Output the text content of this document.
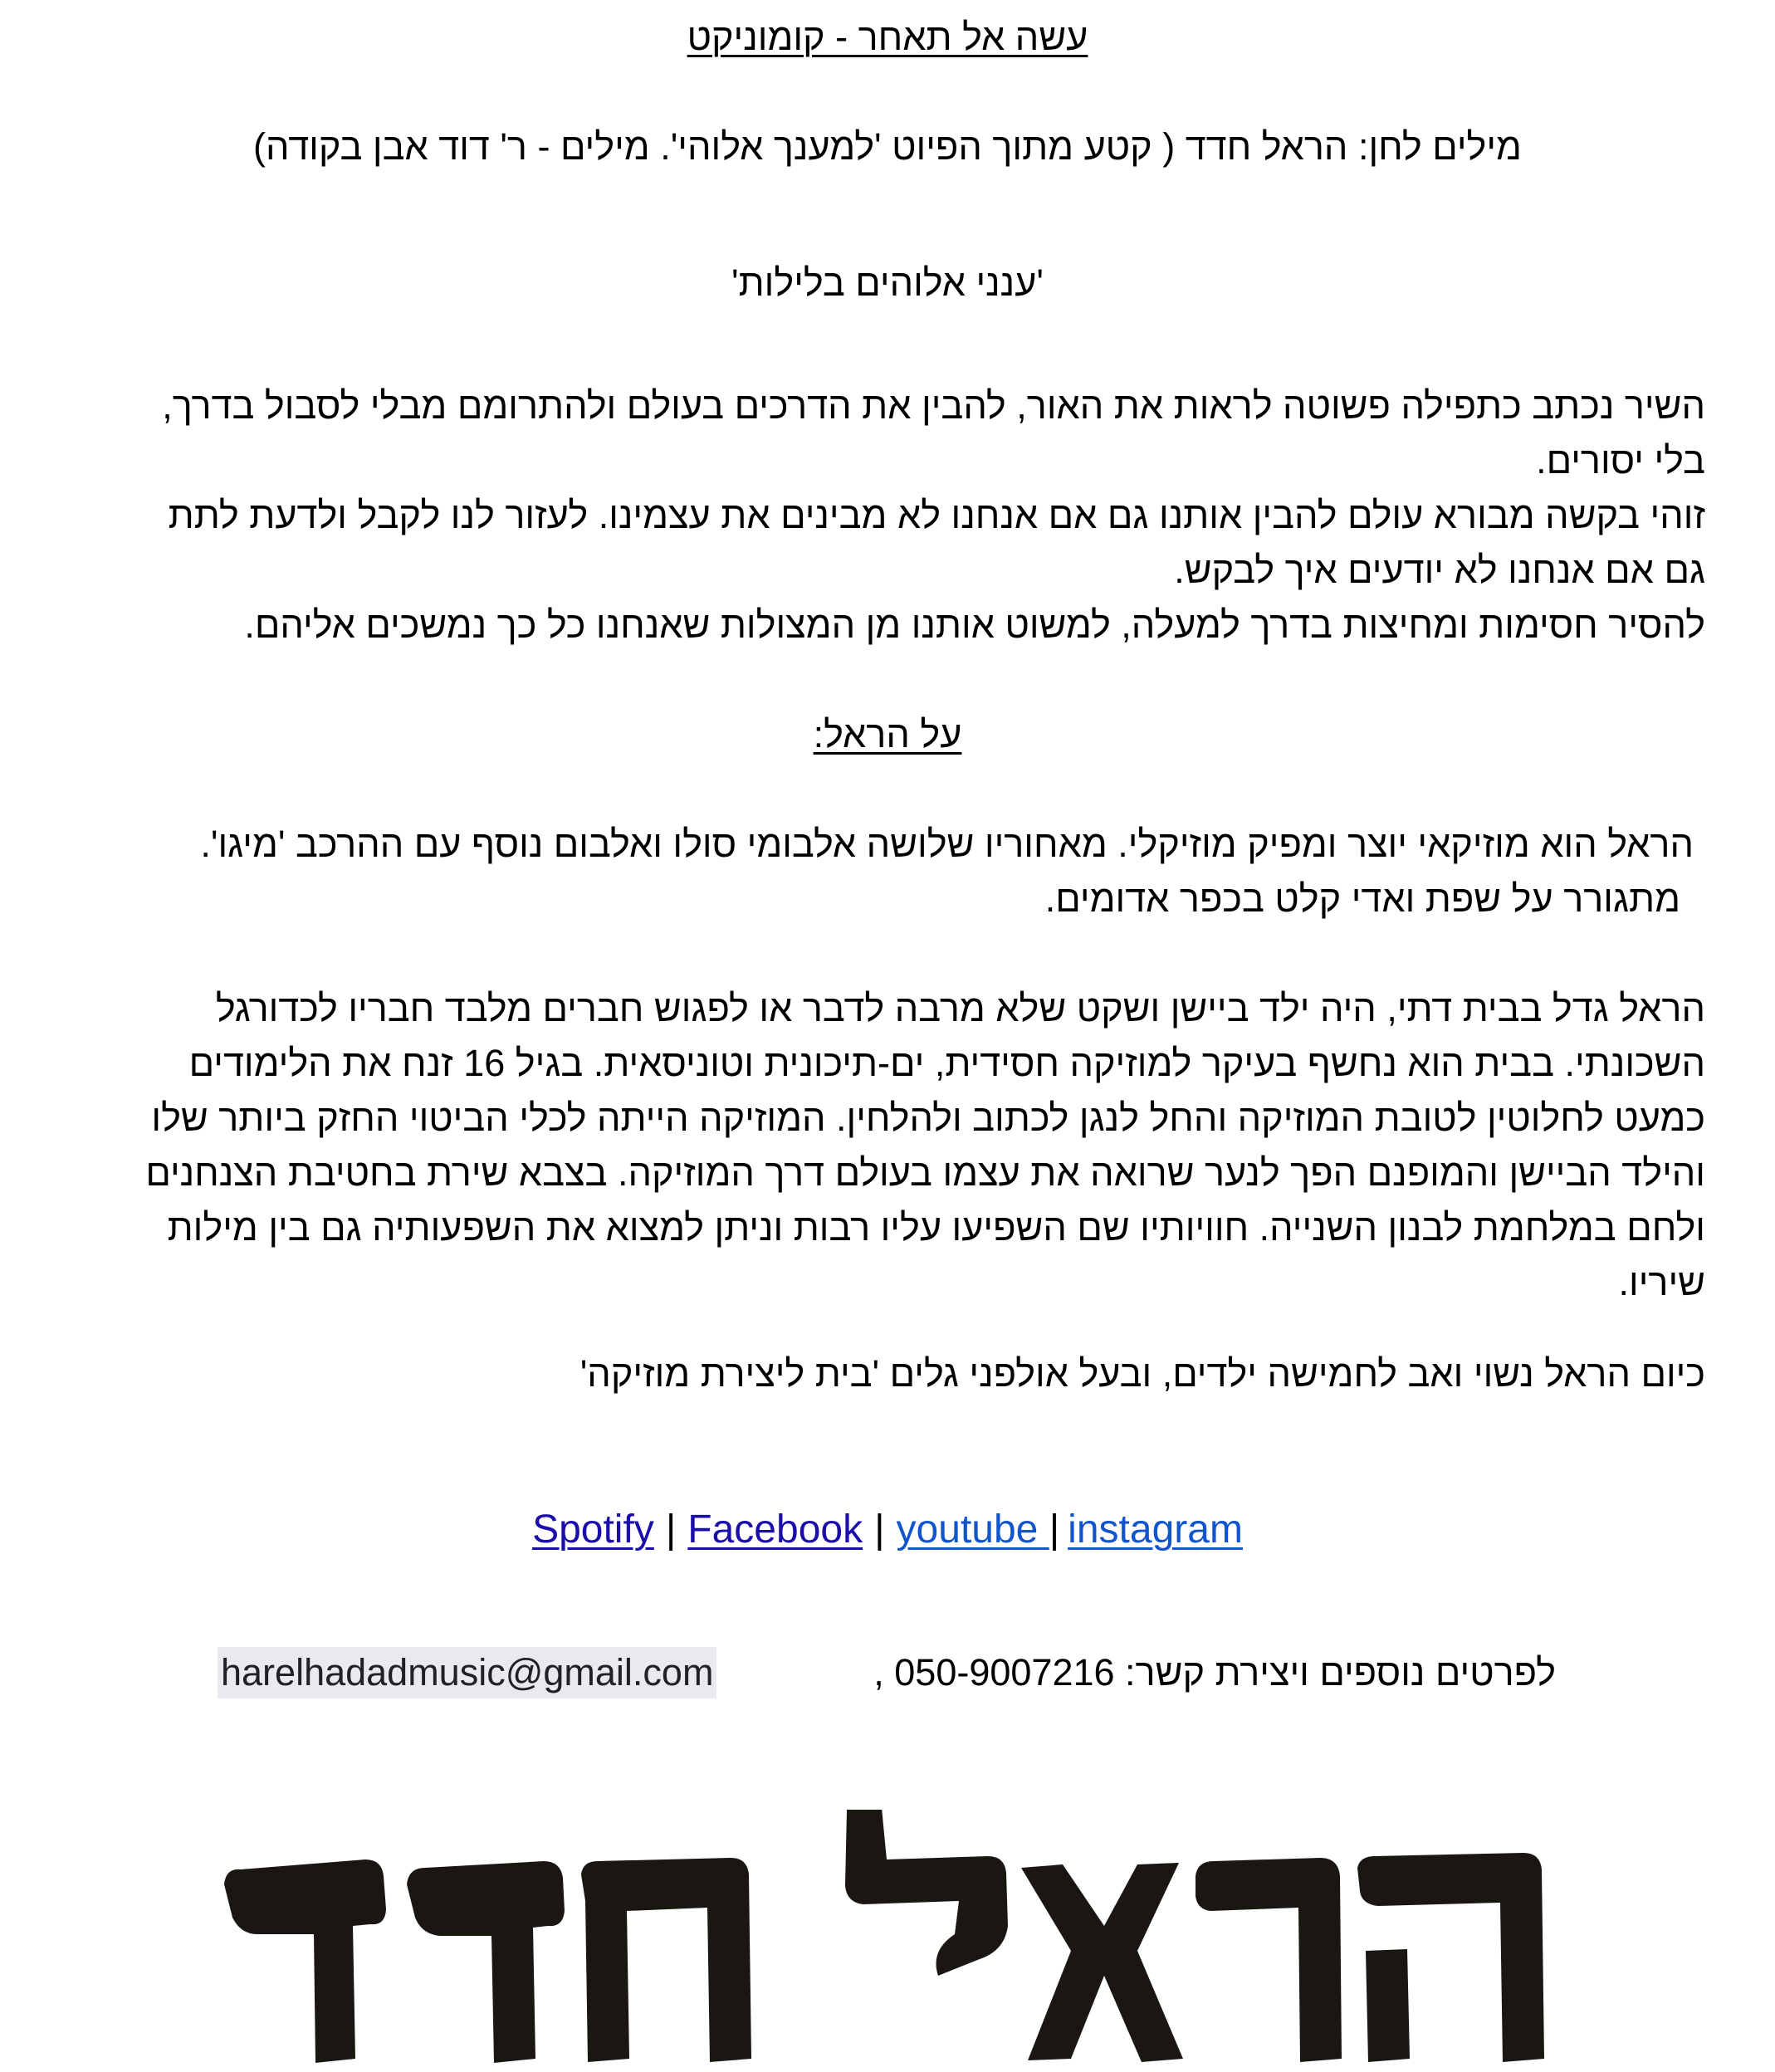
עשה אל תאחר - קומוניקט
מילים לחן: הראל חדד ( קטע מתוך הפיוט 'למענך אלוהי'. מילים - ר' דוד אבן בקודה)
'ענני אלוהים בלילות'
השיר נכתב כתפילה פשוטה לראות את האור, להבין את הדרכים בעולם ולהתרומם מבלי לסבול בדרך,
בלי יסורים.
זוהי בקשה מבורא עולם להבין אותנו גם אם אנחנו לא מבינים את עצמינו. לעזור לנו לקבל ולדעת לתת
גם אם אנחנו לא יודעים איך לבקש.
להסיר חסימות ומחיצות בדרך למעלה, למשוט אותנו מן המצולות שאנחנו כל כך נמשכים אליהם.
על הראל:
הראל הוא מוזיקאי יוצר ומפיק מוזיקלי. מאחוריו שלושה אלבומי סולו ואלבום נוסף עם ההרכב 'מיגו'.
מתגורר על שפת ואדי קלט בכפר אדומים.
הראל גדל בבית דתי, היה ילד ביישן ושקט שלא מרבה לדבר או לפגוש חברים מלבד חבריו לכדורגל
השכונתי. בבית הוא נחשף בעיקר למוזיקה חסידית, ים-תיכונית וטוניסאית. בגיל 16 זנח את הלימודים
כמעט לחלוטין לטובת המוזיקה והחל לנגן לכתוב ולהלחין. המוזיקה הייתה לכלי הביטוי החזק ביותר שלו
והילד הביישן והמופנם הפך לנער שרואה את עצמו בעולם דרך המוזיקה. בצבא שירת בחטיבת הצנחנים
ולחם במלחמת לבנון השנייה. חוויותיו שם השפיעו עליו רבות וניתן למצוא את השפעותיה גם בין מילות
שיריו.
כיום הראל נשוי ואב לחמישה ילדים, ובעל אולפני גלים 'בית ליצירת מוזיקה'
Spotify | Facebook | youtube | instagram
לפרטים נוספים ויצירת קשר: 050-9007216 ,
harelhadadmusic@gmail.com
